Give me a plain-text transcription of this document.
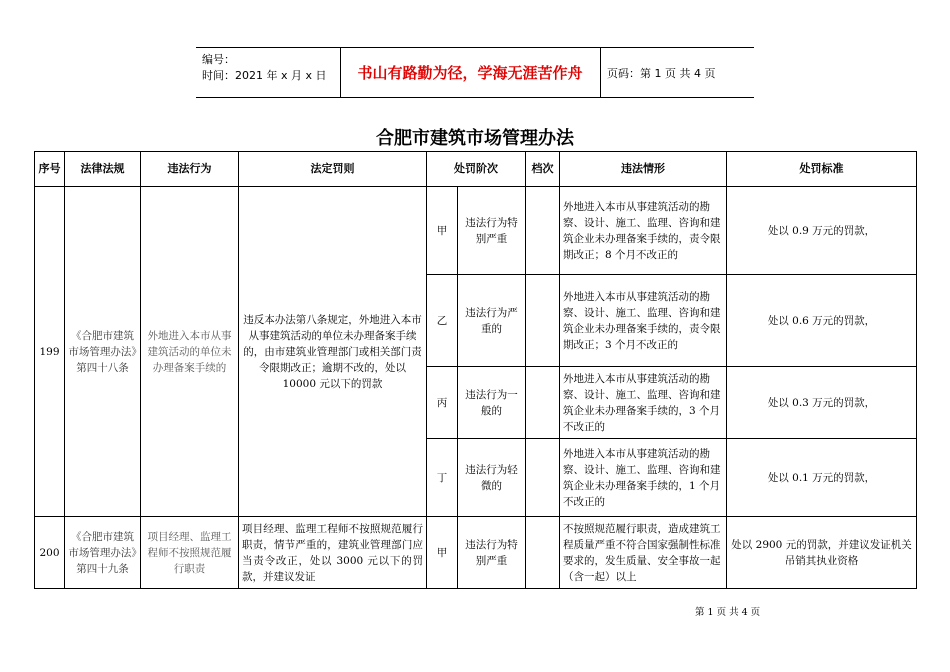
编号：
时间：2021 年 x 月 x 日	书山有路勤为径，学海无涯苦作舟	页码：第 1 页 共 4 页
合肥市建筑市场管理办法
序号	法律法规	违法行为	法定罚则	处罚阶次		档次	违法情形	处罚标准
199	《合肥市建筑市场管理办法》第四十八条	外地进入本市从事建筑活动的单位未办理备案手续的	违反本办法第八条规定，外地进入本市从事建筑活动的单位未办理备案手续的，由市建筑业管理部门或相关部门责令限期改正；逾期不改的，处以 10000 元以下的罚款	甲	违法行为特别严重		外地进入本市从事建筑活动的勘察、设计、施工、监理、咨询和建筑企业未办理备案手续的，责令限期改正；8 个月不改正的	处以 0.9 万元的罚款，
				乙	违法行为严重的		外地进入本市从事建筑活动的勘察、设计、施工、监理、咨询和建筑企业未办理备案手续的，责令限期改正；3 个月不改正的	处以 0.6 万元的罚款，
				丙	违法行为一般的		外地进入本市从事建筑活动的勘察、设计、施工、监理、咨询和建筑企业未办理备案手续的，3 个月不改正的	处以 0.3 万元的罚款，
				丁	违法行为轻微的		外地进入本市从事建筑活动的勘察、设计、施工、监理、咨询和建筑企业未办理备案手续的，1 个月不改正的	处以 0.1 万元的罚款，
200	《合肥市建筑市场管理办法》第四十九条	项目经理、监理工程师不按照规范履行职责	项目经理、监理工程师不按照规范履行职责，情节严重的，建筑业管理部门应当责令改正，处以 3000 元以下的罚款，并建议发证	甲	违法行为特别严重		不按照规范履行职责，造成建筑工程质量严重不符合国家强制性标准要求的，发生质量、安全事故一起（含一起）以上	处以 2900 元的罚款，并建议发证机关吊销其执业资格
第 1 页 共 4 页
